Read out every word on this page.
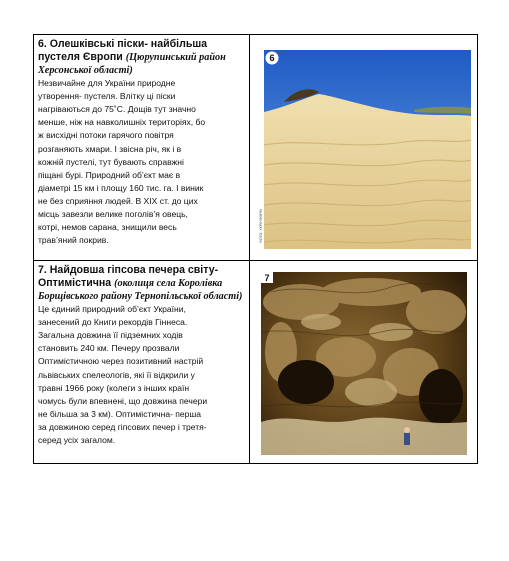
6. Олешківські піски- найбільша пустеля Європи (Цюрупинський район Херсонської області)

Незвичайне для України природне
утворення- пустеля. Влітку ці піски
нагріваються до 75˚С. Дощів тут значно
менше, ніж на навколишніх територіях, бо
ж висхідні потоки гарячого повітря
розганяють хмари. І звісна річ, як і в
кожній пустелі, тут бувають справжні
піщані бурі. Природний об’єкт має в
діаметрі 15 км і площу 160 тис. га. І виник
не без сприяння людей. В ХІХ ст. до цих
місць завезли велике поголів’я овець,
котрі, немов сарана, знищили весь
трав’яний покрив.

6
ФОТО: УКРІНФОРМ

7. Найдовша гіпсова печера світу- Оптимістична (околиця села Королівка Борщівського району Тернопільської області)

Це єдиний природний об’єкт України,
занесений до Книги рекордів Гіннеса.
Загальна довжина її підземних ходів
становить 240 км. Печеру прозвали
Оптимістичною через позитивний настрій
львівських спелеологів, які її відкрили у
травні 1966 року (колеги з інших країн
чомусь були впевнені, що довжина печери
не більша за 3 км). Оптимістична- перша
за довжиною серед гіпсових печер і третя-
серед усіх загалом.

7
